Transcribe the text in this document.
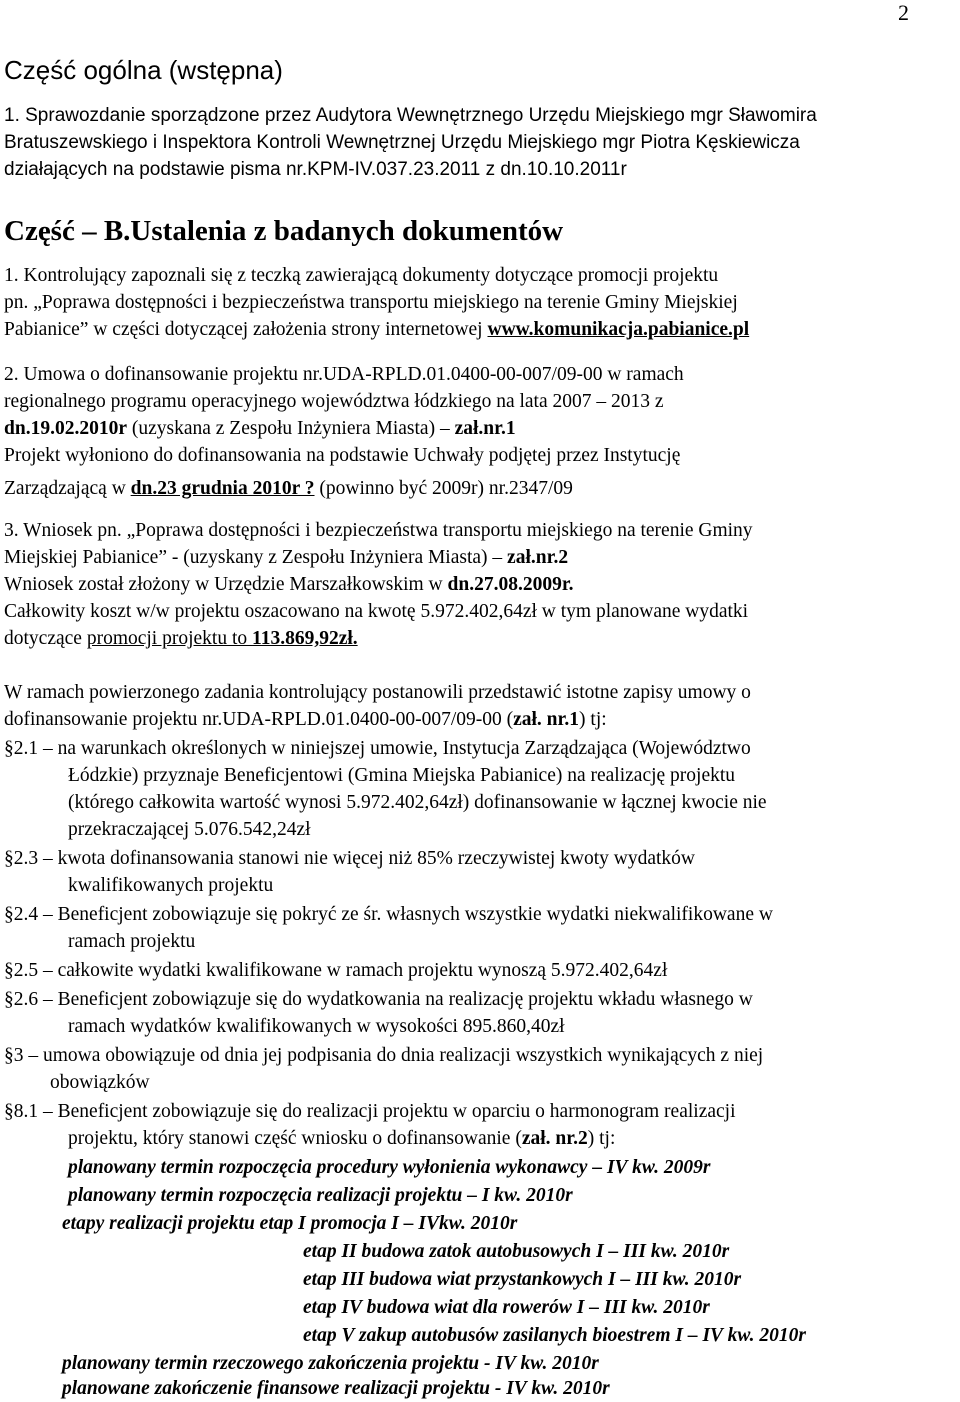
2
Część ogólna (wstępna)
1. Sprawozdanie sporządzone przez Audytora Wewnętrznego Urzędu Miejskiego mgr Sławomira
Bratuszewskiego i Inspektora Kontroli Wewnętrznej Urzędu Miejskiego mgr Piotra Kęskiewicza
działających na podstawie pisma nr.KPM-IV.037.23.2011 z dn.10.10.2011r
Część – B.Ustalenia z badanych dokumentów
1. Kontrolujący zapoznali się z teczką zawierającą dokumenty dotyczące promocji projektu
pn. „Poprawa dostępności i bezpieczeństwa transportu miejskiego na terenie Gminy Miejskiej
Pabianice” w części dotyczącej założenia strony internetowej www.komunikacja.pabianice.pl
2. Umowa o dofinansowanie projektu nr.UDA-RPLD.01.0400-00-007/09-00 w ramach
regionalnego programu operacyjnego województwa łódzkiego na lata 2007 – 2013 z
dn.19.02.2010r (uzyskana z Zespołu Inżyniera Miasta) – zał.nr.1
Projekt wyłoniono do dofinansowania na podstawie Uchwały podjętej przez Instytucję
Zarządzającą w dn.23 grudnia 2010r ? (powinno być 2009r) nr.2347/09
3. Wniosek pn. „Poprawa dostępności i bezpieczeństwa transportu miejskiego na terenie Gminy
Miejskiej Pabianice” - (uzyskany z Zespołu Inżyniera Miasta) – zał.nr.2
Wniosek został złożony w Urzędzie Marszałkowskim w dn.27.08.2009r.
Całkowity koszt w/w projektu oszacowano na kwotę 5.972.402,64zł w tym planowane wydatki
dotyczące promocji projektu to 113.869,92zł.
W ramach powierzonego zadania kontrolujący postanowili przedstawić istotne zapisy umowy o
dofinansowanie projektu nr.UDA-RPLD.01.0400-00-007/09-00 (zał. nr.1) tj:
§2.1 – na warunkach określonych w niniejszej umowie, Instytucja Zarządzająca (Województwo
Łódzkie) przyznaje Beneficjentowi (Gmina Miejska Pabianice) na realizację projektu
(którego całkowita wartość wynosi 5.972.402,64zł) dofinansowanie w łącznej kwocie nie
przekraczającej 5.076.542,24zł
§2.3 – kwota dofinansowania stanowi nie więcej niż 85% rzeczywistej kwoty wydatków
kwalifikowanych projektu
§2.4 – Beneficjent zobowiązuje się pokryć ze śr. własnych wszystkie wydatki niekwalifikowane w
ramach projektu
§2.5 – całkowite wydatki kwalifikowane w ramach projektu wynoszą 5.972.402,64zł
§2.6 – Beneficjent zobowiązuje się do wydatkowania na realizację projektu wkładu własnego w
ramach wydatków kwalifikowanych w wysokości 895.860,40zł
§3 – umowa obowiązuje od dnia jej podpisania do dnia realizacji wszystkich wynikających z niej
obowiązków
§8.1 – Beneficjent zobowiązuje się do realizacji projektu w oparciu o harmonogram realizacji
projektu, który stanowi część wniosku o dofinansowanie (zał. nr.2) tj:
planowany termin rozpoczęcia procedury wyłonienia wykonawcy – IV kw. 2009r
planowany termin rozpoczęcia realizacji projektu – I kw. 2010r
etapy realizacji projektu etap I promocja I – IVkw. 2010r
etap II budowa zatok autobusowych I – III kw. 2010r
etap III budowa wiat przystankowych I – III kw. 2010r
etap IV budowa wiat dla rowerów I – III kw. 2010r
etap V zakup autobusów zasilanych bioestrem I – IV kw. 2010r
planowany termin rzeczowego zakończenia projektu - IV kw. 2010r
planowane zakończenie finansowe realizacji projektu - IV kw. 2010r
